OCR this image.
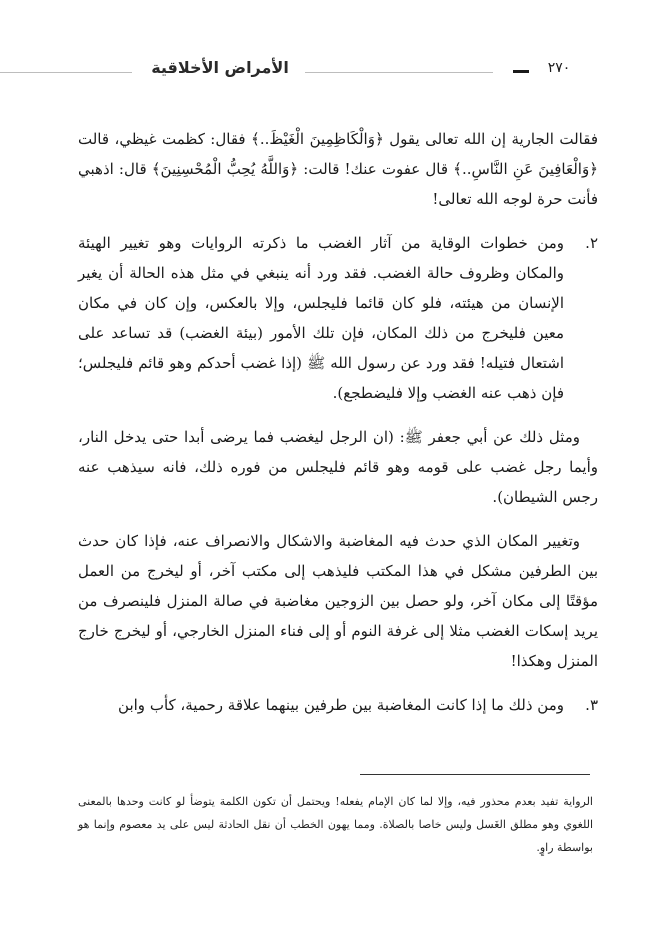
الأمراض الأخلاقية	٢٧٠

فقالت الجارية إن الله تعالى يقول ﴿وَالْكَاظِمِينَ الْغَيْظَ..﴾ فقال: كظمت غيظي، قالت ﴿وَالْعَافِينَ عَنِ النَّاسِ..﴾ قال عفوت عنك! قالت: ﴿وَاللَّهُ يُحِبُّ الْمُحْسِنِينَ﴾ قال: اذهبي فأنت حرة لوجه الله تعالى!

٢.
ومن خطوات الوقاية من آثار الغضب ما ذكرته الروايات وهو تغيير الهيئة والمكان وظروف حالة الغضب. فقد ورد أنه ينبغي في مثل هذه الحالة أن يغير الإنسان من هيئته، فلو كان قائما فليجلس، وإلا بالعكس، وإن كان في مكان معين فليخرج من ذلك المكان، فإن تلك الأمور (بيئة الغضب) قد تساعد على اشتعال فتيله! فقد ورد عن رسول الله ﷺ (إذا غضب أحدكم وهو قائم فليجلس؛ فإن ذهب عنه الغضب وإلا فليضطجع).

ومثل ذلك عن أبي جعفر ﷺ: (ان الرجل ليغضب فما يرضى أبدا حتى يدخل النار، وأيما رجل غضب على قومه وهو قائم فليجلس من فوره ذلك، فانه سيذهب عنه رجس الشيطان).

وتغيير المكان الذي حدث فيه المغاضبة والاشكال والانصراف عنه، فإذا كان حدث بين الطرفين مشكل في هذا المكتب فليذهب إلى مكتب آخر، أو ليخرج من العمل مؤقتًا إلى مكان آخر، ولو حصل بين الزوجين مغاضبة في صالة المنزل فلينصرف من يريد إسكات الغضب مثلا إلى غرفة النوم أو إلى فناء المنزل الخارجي، أو ليخرج خارج المنزل وهكذا!

٣.
ومن ذلك ما إذا كانت المغاضبة بين طرفين بينهما علاقة رحمية، كأب وابن

الرواية تفيد بعدم محذور فيه، وإلا لما كان الإمام يفعله! ويحتمل أن تكون الكلمة يتوضأ لو كانت وحدها بالمعنى اللغوي وهو مطلق الغَسل وليس خاصا بالصلاة. ومما يهون الخطب أن نقل الحادثة ليس على يد معصوم وإنما هو بواسطة راوٍ.
